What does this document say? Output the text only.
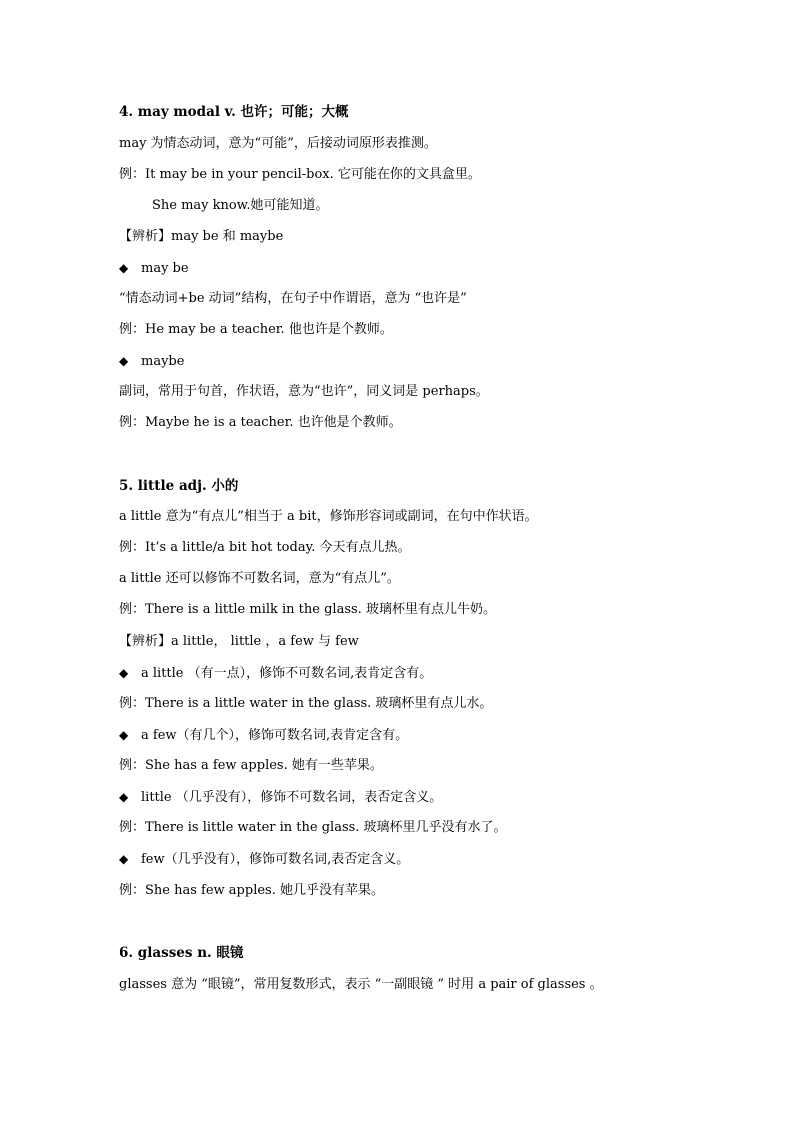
4. may modal v. 也许；可能；大概
may 为情态动词，意为“可能”，后接动词原形表推测。
例：It may be in your pencil-box. 它可能在你的文具盒里。
She may know.她可能知道。
【辨析】may be 和 maybe
◆ may be
“情态动词+be 动词”结构，在句子中作谓语，意为 “也许是”
例：He may be a teacher. 他也许是个教师。
◆ maybe
副词，常用于句首，作状语，意为“也许”，同义词是 perhaps。
例：Maybe he is a teacher. 也许他是个教师。
5. little adj. 小的
a little 意为“有点儿”相当于 a bit，修饰形容词或副词，在句中作状语。
例：It’s a little/a bit hot today. 今天有点儿热。
a little 还可以修饰不可数名词，意为“有点儿”。
例：There is a little milk in the glass. 玻璃杯里有点儿牛奶。
【辨析】a little， little ，a few 与 few
◆ a little （有一点），修饰不可数名词,表肯定含有。
例：There is a little water in the glass. 玻璃杯里有点儿水。
◆ a few（有几个），修饰可数名词,表肯定含有。
例：She has a few apples. 她有一些苹果。
◆ little （几乎没有），修饰不可数名词，表否定含义。
例：There is little water in the glass. 玻璃杯里几乎没有水了。
◆ few（几乎没有），修饰可数名词,表否定含义。
例：She has few apples. 她几乎没有苹果。
6. glasses n. 眼镜
glasses 意为 “眼镜”，常用复数形式，表示 “一副眼镜 ” 时用 a pair of glasses 。
